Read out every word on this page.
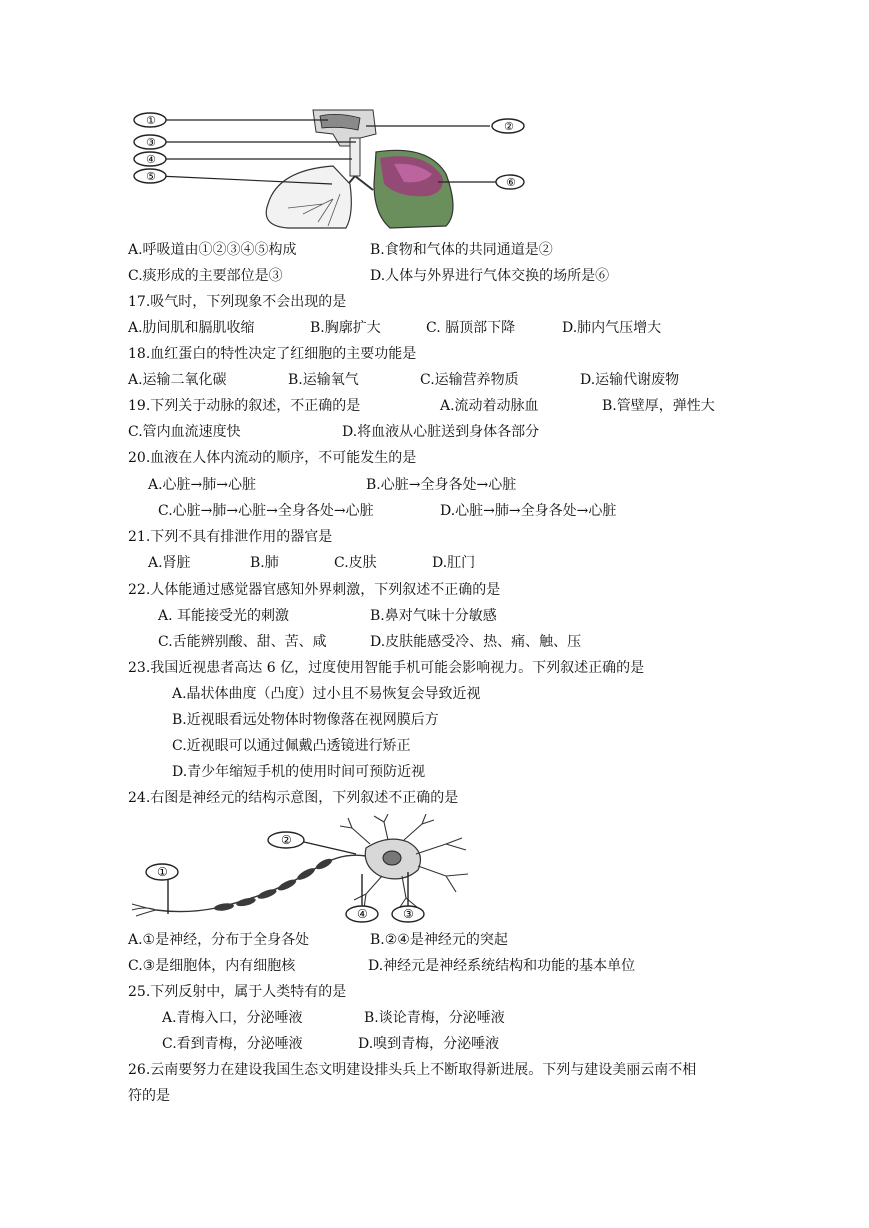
①	②
③
④
⑤	⑥
A.呼吸道由①②③④⑤构成	B.食物和气体的共同通道是②
C.痰形成的主要部位是③	D.人体与外界进行气体交换的场所是⑥
17.吸气时，下列现象不会出现的是
A.肋间肌和膈肌收缩	B.胸廓扩大	C. 膈顶部下降	D.肺内气压增大
18.血红蛋白的特性决定了红细胞的主要功能是
A.运输二氧化碳	B.运输氧气	C.运输营养物质	D.运输代谢废物
19.下列关于动脉的叙述，不正确的是	A.流动着动脉血	B.管壁厚，弹性大
C.管内血流速度快	D.将血液从心脏送到身体各部分
20.血液在人体内流动的顺序，不可能发生的是
A.心脏→肺→心脏	B.心脏→全身各处→心脏
C.心脏→肺→心脏→全身各处→心脏	D.心脏→肺→全身各处→心脏
21.下列不具有排泄作用的器官是
A.肾脏	B.肺	C.皮肤	D.肛门
22.人体能通过感觉器官感知外界刺激，下列叙述不正确的是
A. 耳能接受光的刺激	B.鼻对气味十分敏感
C.舌能辨别酸、甜、苦、咸	D.皮肤能感受冷、热、痛、触、压
23.我国近视患者高达 6 亿，过度使用智能手机可能会影响视力。下列叙述正确的是
A.晶状体曲度（凸度）过小且不易恢复会导致近视
B.近视眼看远处物体时物像落在视网膜后方
C.近视眼可以通过佩戴凸透镜进行矫正
D.青少年缩短手机的使用时间可预防近视
24.右图是神经元的结构示意图，下列叙述不正确的是
①
②
④	③
A.①是神经，分布于全身各处	B.②④是神经元的突起
C.③是细胞体，内有细胞核	D.神经元是神经系统结构和功能的基本单位
25.下列反射中，属于人类特有的是
A.青梅入口，分泌唾液	B.谈论青梅，分泌唾液
C.看到青梅，分泌唾液	D.嗅到青梅，分泌唾液
26.云南要努力在建设我国生态文明建设排头兵上不断取得新进展。下列与建设美丽云南不相
符的是
